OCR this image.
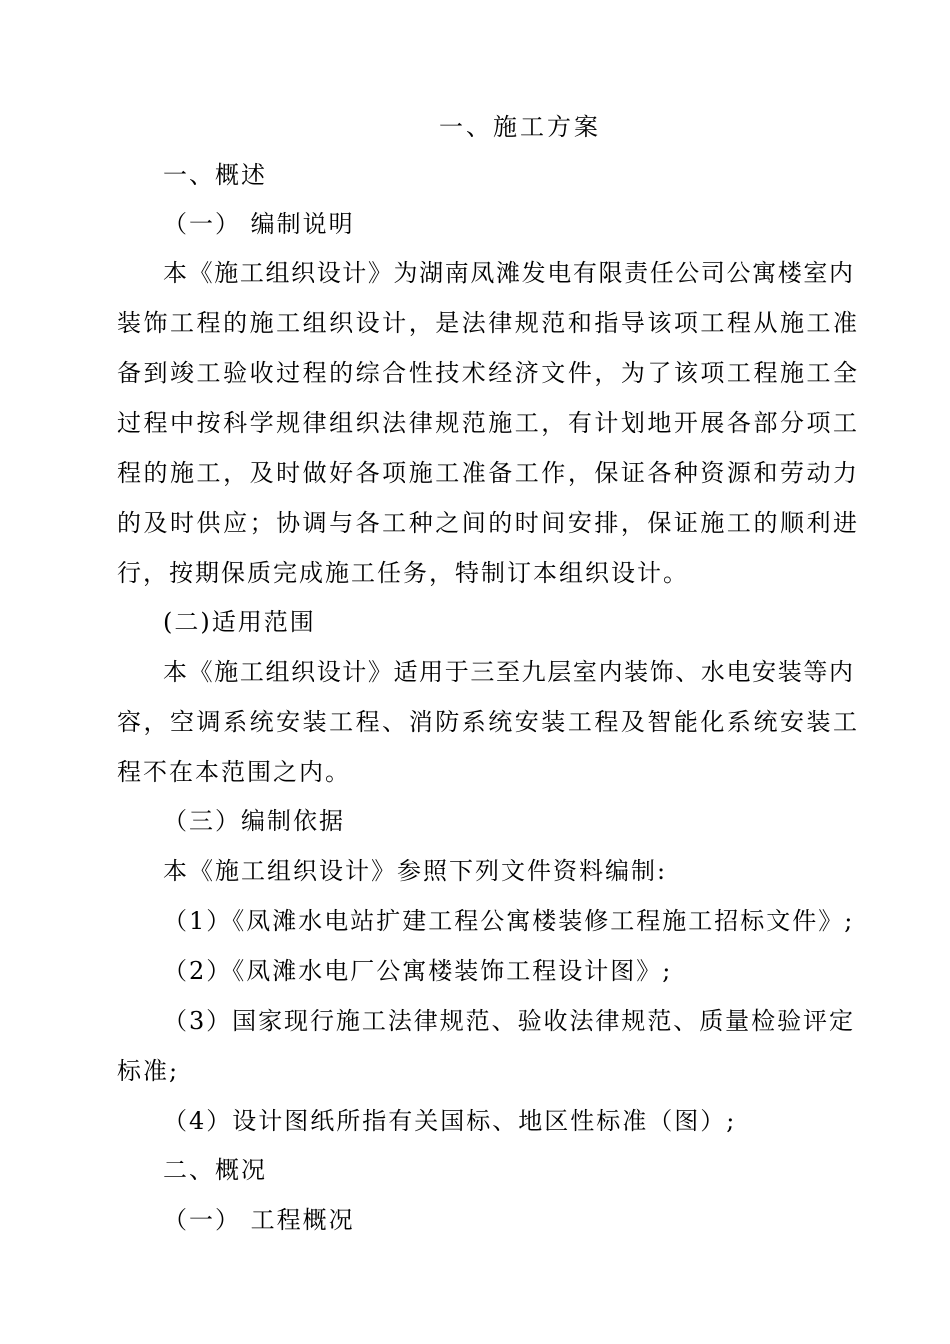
一、施工方案

一、概述

（一） 编制说明

本《施工组织设计》为湖南凤滩发电有限责任公司公寓楼室内

装饰工程的施工组织设计，是法律规范和指导该项工程从施工准

备到竣工验收过程的综合性技术经济文件，为了该项工程施工全

过程中按科学规律组织法律规范施工，有计划地开展各部分项工

程的施工，及时做好各项施工准备工作，保证各种资源和劳动力

的及时供应；协调与各工种之间的时间安排，保证施工的顺利进

行，按期保质完成施工任务，特制订本组织设计。

(二)适用范围

本《施工组织设计》适用于三至九层室内装饰、水电安装等内

容，空调系统安装工程、消防系统安装工程及智能化系统安装工

程不在本范围之内。

（三）编制依据

本《施工组织设计》参照下列文件资料编制:

（1）《凤滩水电站扩建工程公寓楼装修工程施工招标文件》;

（2）《凤滩水电厂公寓楼装饰工程设计图》;

（3）国家现行施工法律规范、验收法律规范、质量检验评定

标准;

（4）设计图纸所指有关国标、地区性标准（图）;

二、概况

（一） 工程概况
